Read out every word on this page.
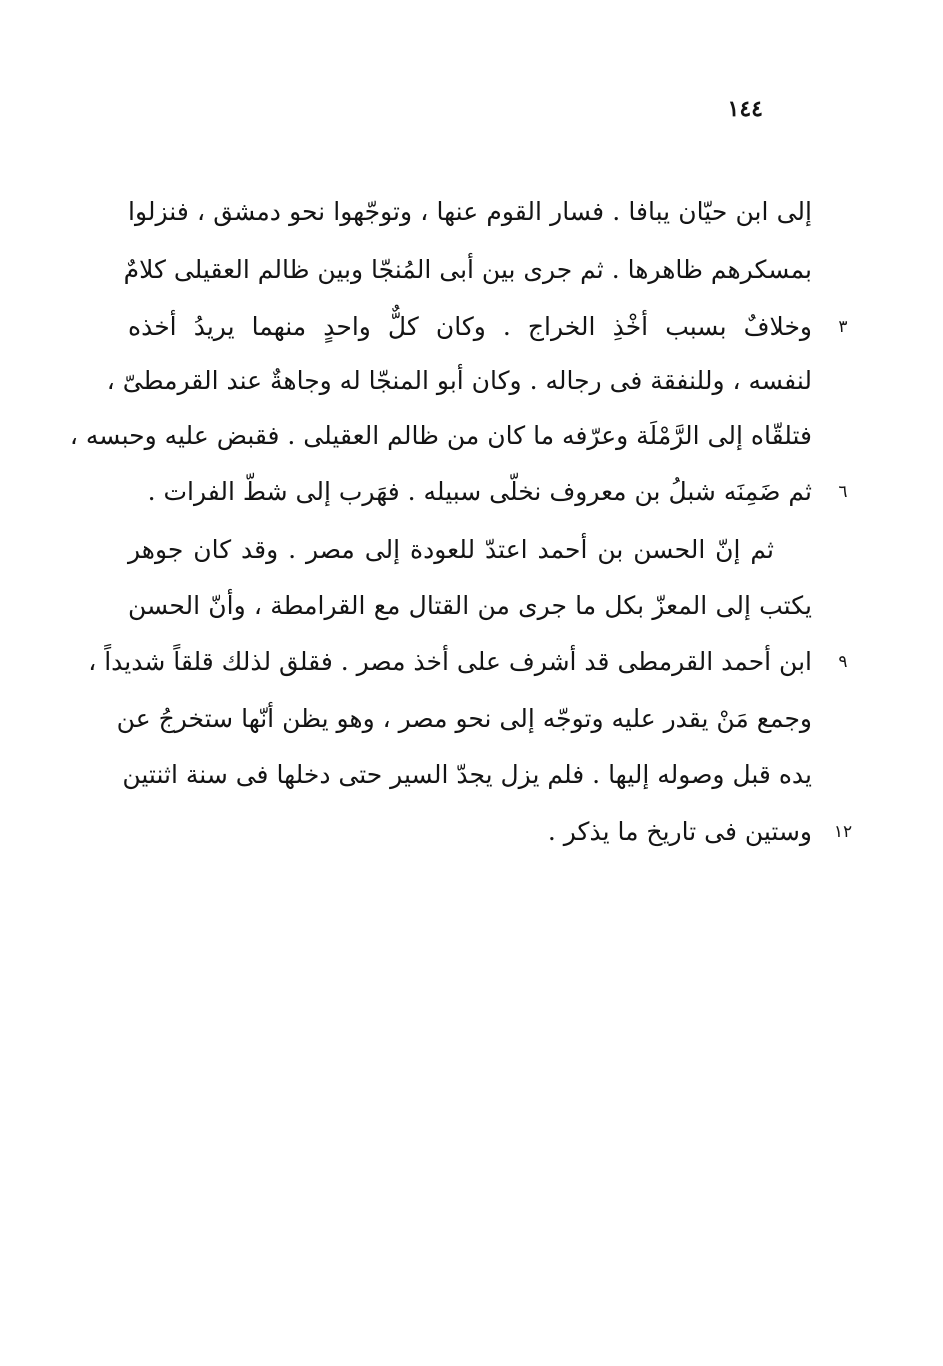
١٤٤
إلى ابن حيّان يبافا . فسار القوم عنها ، وتوجّهوا نحو دمشق ، فنزلوا
بمسكرهم ظاهرها . ثم جرى بين أبى المُنجّا وبين ظالم العقيلى كلامٌ
وخلافٌ بسبب أخْذِ الخراج . وكان كلٌّ واحدٍ منهما يريدُ أخذه
لنفسه ، وللنفقة فى رجاله . وكان أبو المنجّا له وجاهةٌ عند القرمطىّ ،
فتلقّاه إلى الرَّمْلَة وعرّفه ما كان من ظالم العقيلى . فقبض عليه وحبسه ،
ثم ضَمِنَه شبلُ بن معروف نخلّى سبيله . فهَرب إلى شطّ الفرات .
ثم إنّ الحسن بن أحمد اعتدّ للعودة إلى مصر . وقد كان جوهر
يكتب إلى المعزّ بكل ما جرى من القتال مع القرامطة ، وأنّ الحسن
ابن أحمد القرمطى قد أشرف على أخذ مصر . فقلق لذلك قلقاً شديداً ،
وجمع مَنْ يقدر عليه وتوجّه إلى نحو مصر ، وهو يظن أنّها ستخرجُ عن
يده قبل وصوله إليها . فلم يزل يجدّ السير حتى دخلها فى سنة اثنتين
وستين فى تاريخ ما يذكر .
٣
٦
٩
١٢
